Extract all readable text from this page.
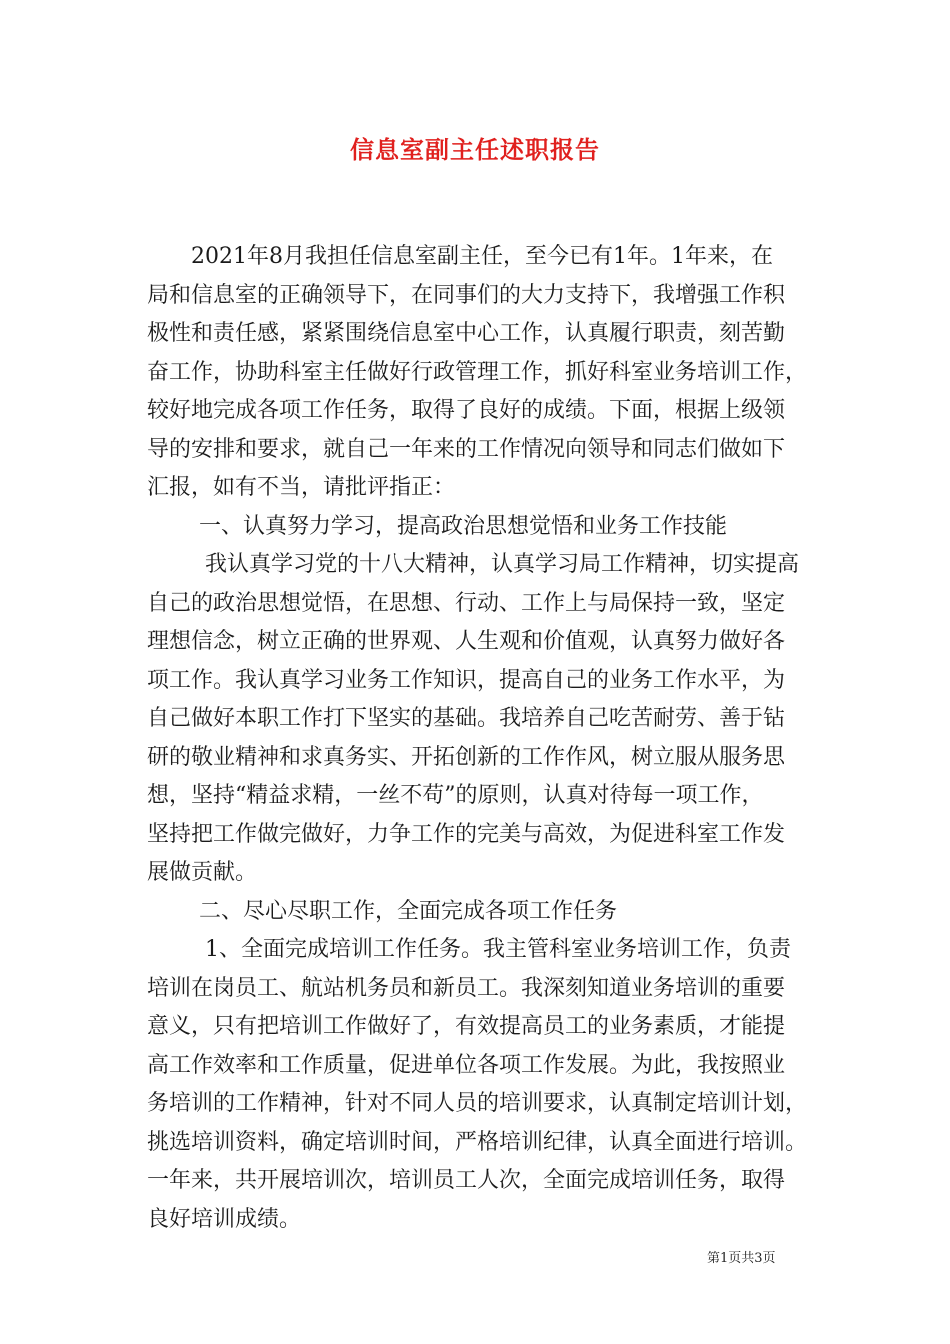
信息室副主任述职报告
2021年8月我担任信息室副主任，至今已有1年。1年来，在
局和信息室的正确领导下，在同事们的大力支持下，我增强工作积
极性和责任感，紧紧围绕信息室中心工作，认真履行职责，刻苦勤
奋工作，协助科室主任做好行政管理工作，抓好科室业务培训工作，
较好地完成各项工作任务，取得了良好的成绩。下面，根据上级领
导的安排和要求，就自己一年来的工作情况向领导和同志们做如下
汇报，如有不当，请批评指正：
一、认真努力学习，提高政治思想觉悟和业务工作技能
我认真学习党的十八大精神，认真学习局工作精神，切实提高
自己的政治思想觉悟，在思想、行动、工作上与局保持一致，坚定
理想信念，树立正确的世界观、人生观和价值观，认真努力做好各
项工作。我认真学习业务工作知识，提高自己的业务工作水平，为
自己做好本职工作打下坚实的基础。我培养自己吃苦耐劳、善于钻
研的敬业精神和求真务实、开拓创新的工作作风，树立服从服务思
想，坚持“精益求精，一丝不苟”的原则，认真对待每一项工作，
坚持把工作做完做好，力争工作的完美与高效，为促进科室工作发
展做贡献。
二、尽心尽职工作，全面完成各项工作任务
1、全面完成培训工作任务。我主管科室业务培训工作，负责
培训在岗员工、航站机务员和新员工。我深刻知道业务培训的重要
意义，只有把培训工作做好了，有效提高员工的业务素质，才能提
高工作效率和工作质量，促进单位各项工作发展。为此，我按照业
务培训的工作精神，针对不同人员的培训要求，认真制定培训计划，
挑选培训资料，确定培训时间，严格培训纪律，认真全面进行培训。
一年来，共开展培训次，培训员工人次，全面完成培训任务，取得
良好培训成绩。
第1页共3页
